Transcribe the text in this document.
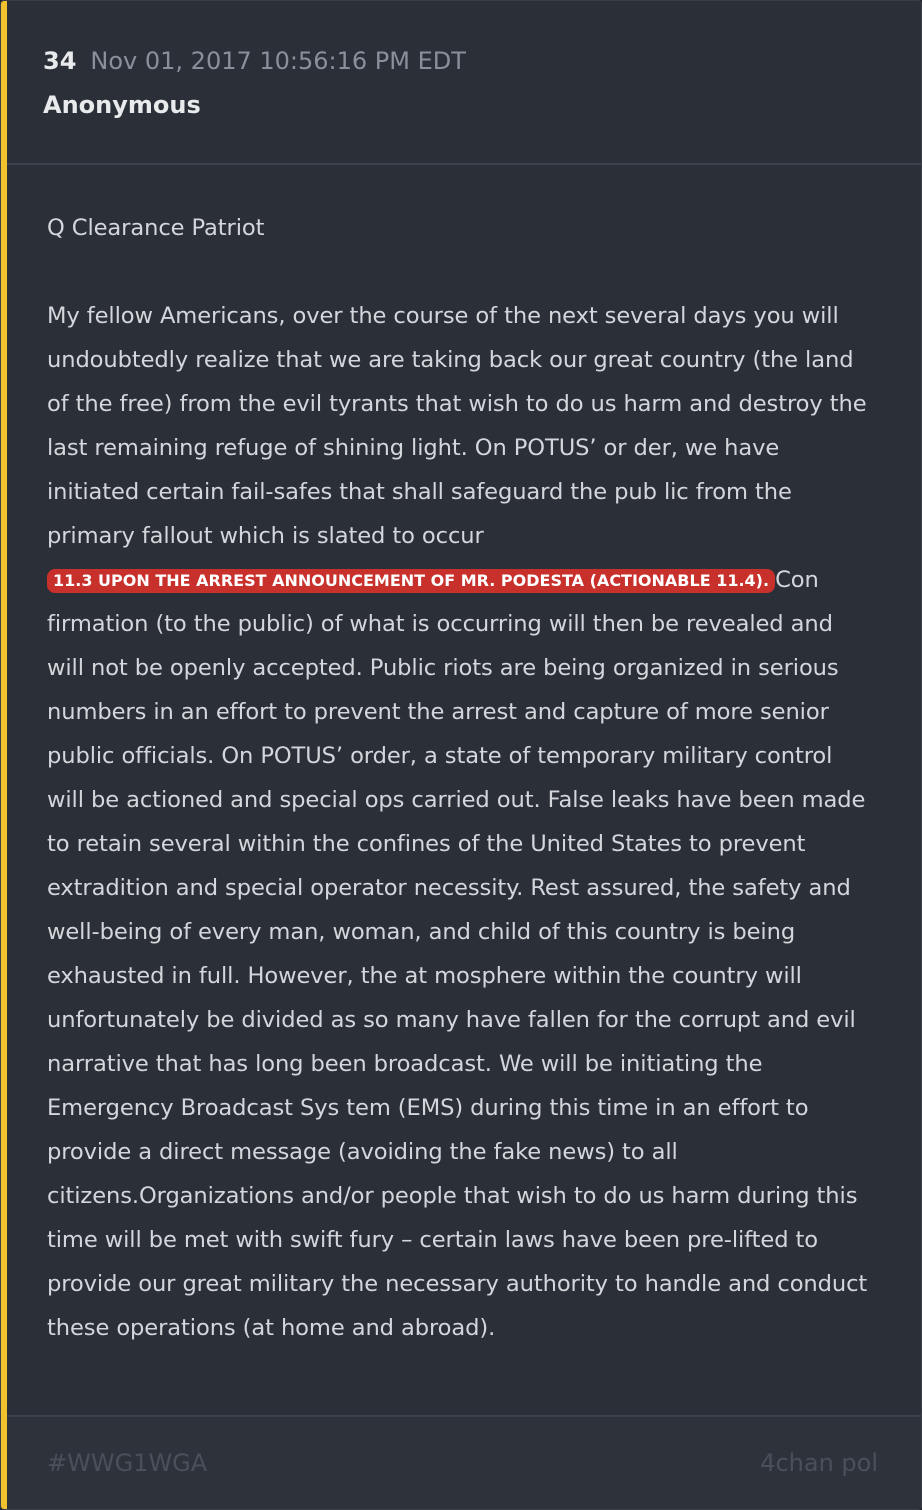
34 Nov 01, 2017 10:56:16 PM EDT
Anonymous

Q Clearance Patriot

My fellow Americans, over the course of the next several days you will undoubtedly realize that we are taking back our great country (the land of the free) from the evil tyrants that wish to do us harm and destroy the last remaining refuge of shining light. On POTUS’ or der, we have initiated certain fail-safes that shall safeguard the pub lic from the primary fallout which is slated to occur 11.3 UPON THE ARREST ANNOUNCEMENT OF MR. PODESTA (ACTIONABLE 11.4). Con firmation (to the public) of what is occurring will then be revealed and will not be openly accepted. Public riots are being organized in serious numbers in an effort to prevent the arrest and capture of more senior public officials. On POTUS’ order, a state of temporary military control will be actioned and special ops carried out. False leaks have been made to retain several within the confines of the United States to prevent extradition and special operator necessity. Rest assured, the safety and well-being of every man, woman, and child of this country is being exhausted in full. However, the at mosphere within the country will unfortunately be divided as so many have fallen for the corrupt and evil narrative that has long been broadcast. We will be initiating the Emergency Broadcast Sys tem (EMS) during this time in an effort to provide a direct message (avoiding the fake news) to all citizens.Organizations and/or people that wish to do us harm during this time will be met with swift fury – certain laws have been pre-lifted to provide our great military the necessary authority to handle and conduct these operations (at home and abroad).

#WWG1WGA	4chan pol
